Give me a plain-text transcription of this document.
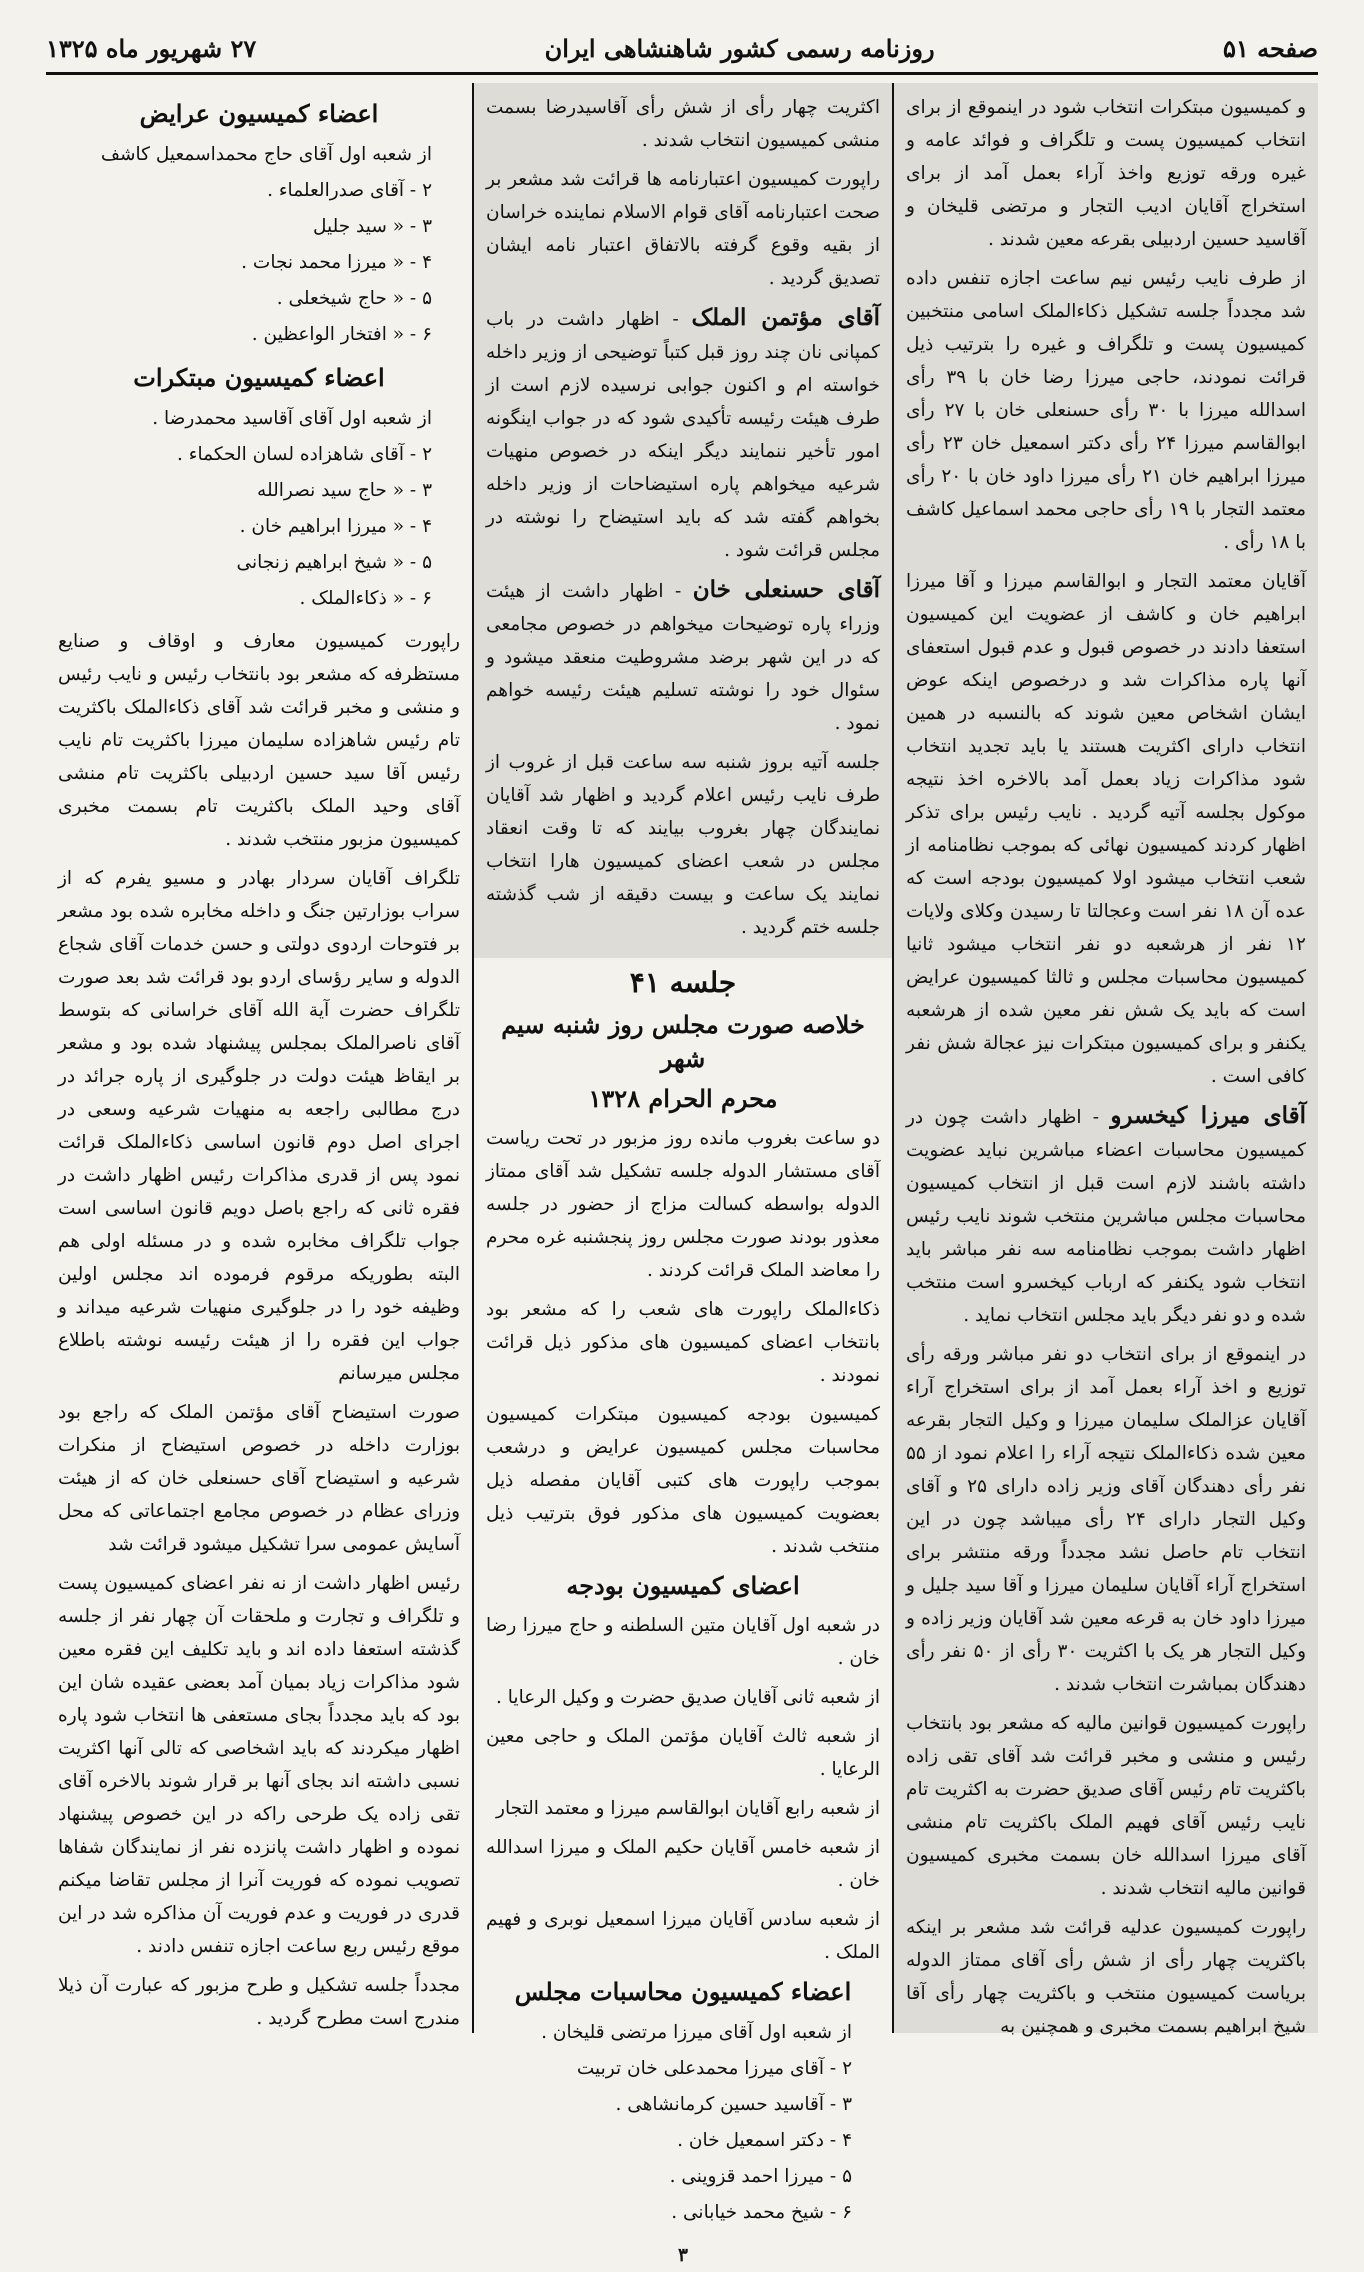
صفحه ۵۱
روزنامه رسمی کشور شاهنشاهی ایران
۲۷ شهریور ماه ۱۳۲۵

و کمیسیون مبتکرات انتخاب شود در اینموقع از برای انتخاب کمیسیون پست و تلگراف و فوائد عامه و غیره ورقه توزیع واخذ آراء بعمل آمد از برای استخراج آقایان ادیب التجار و مرتضی قلیخان و آقاسید حسین اردبیلی بقرعه معین شدند .

از طرف نایب رئیس نیم ساعت اجازه تنفس داده شد مجدداً جلسه تشکیل ذکاءالملک اسامی منتخبین کمیسیون پست و تلگراف و غیره را بترتیب ذیل قرائت نمودند، حاجی میرزا رضا خان با ۳۹ رأی اسدالله میرزا با ۳۰ رأی حسنعلی خان با ۲۷ رأی ابوالقاسم میرزا ۲۴ رأی دکتر اسمعیل خان ۲۳ رأی میرزا ابراهیم خان ۲۱ رأی میرزا داود خان با ۲۰ رأی معتمد التجار با ۱۹ رأی حاجی محمد اسماعیل کاشف با ۱۸ رأی .

آقایان معتمد التجار و ابوالقاسم میرزا و آقا میرزا ابراهیم خان و کاشف از عضویت این کمیسیون استعفا دادند در خصوص قبول و عدم قبول استعفای آنها پاره مذاکرات شد و درخصوص اینکه عوض ایشان اشخاص معین شوند که بالنسبه در همین انتخاب دارای اکثریت هستند یا باید تجدید انتخاب شود مذاکرات زیاد بعمل آمد بالاخره اخذ نتیجه موکول بجلسه آتیه گردید . نایب رئیس برای تذکر اظهار کردند کمیسیون نهائی که بموجب نظامنامه از شعب انتخاب میشود اولا کمیسیون بودجه است که عده آن ۱۸ نفر است وعجالتا تا رسیدن وکلای ولایات ۱۲ نفر از هرشعبه دو نفر انتخاب میشود ثانیا کمیسیون محاسبات مجلس و ثالثا کمیسیون عرایض است که باید یک شش نفر معین شده از هرشعبه یکنفر و برای کمیسیون مبتکرات نیز عجالة شش نفر کافی است .

آقای میرزا کیخسرو - اظهار داشت چون در کمیسیون محاسبات اعضاء مباشرین نباید عضویت داشته باشند لازم است قبل از انتخاب کمیسیون محاسبات مجلس مباشرین منتخب شوند نایب رئیس اظهار داشت بموجب نظامنامه سه نفر مباشر باید انتخاب شود یکنفر که ارباب کیخسرو است منتخب شده و دو نفر دیگر باید مجلس انتخاب نماید .

در اینموقع از برای انتخاب دو نفر مباشر ورقه رأی توزیع و اخذ آراء بعمل آمد از برای استخراج آراء آقایان عزالملک سلیمان میرزا و وکیل التجار بقرعه معین شده ذکاءالملک نتیجه آراء را اعلام نمود از ۵۵ نفر رأی دهندگان آقای وزیر زاده دارای ۲۵ و آقای وکیل التجار دارای ۲۴ رأی میباشد چون در این انتخاب تام حاصل نشد مجدداً ورقه منتشر برای استخراج آراء آقایان سلیمان میرزا و آقا سید جلیل و میرزا داود خان به قرعه معین شد آقایان وزیر زاده و وکیل التجار هر یک با اکثریت ۳۰ رأی از ۵۰ نفر رأی دهندگان بمباشرت انتخاب شدند .

راپورت کمیسیون قوانین مالیه که مشعر بود بانتخاب رئیس و منشی و مخبر قرائت شد آقای تقی زاده باکثریت تام رئیس آقای صدیق حضرت به اکثریت تام نایب رئیس آقای فهیم الملک باکثریت تام منشی آقای میرزا اسدالله خان بسمت مخبری کمیسیون قوانین مالیه انتخاب شدند .

راپورت کمیسیون عدلیه قرائت شد مشعر بر اینکه باکثریت چهار رأی از شش رأی آقای ممتاز الدوله بریاست کمیسیون منتخب و باکثریت چهار رأی آقا شیخ ابراهیم بسمت مخبری و همچنین به

اکثریت چهار رأی از شش رأی آقاسیدرضا بسمت منشی کمیسیون انتخاب شدند .

راپورت کمیسیون اعتبارنامه ها قرائت شد مشعر بر صحت اعتبارنامه آقای قوام الاسلام نماینده خراسان از بقیه وقوع گرفته بالاتفاق اعتبار نامه ایشان تصدیق گردید .

آقای مؤتمن الملک - اظهار داشت در باب کمپانی نان چند روز قبل کتباً توضیحی از وزیر داخله خواسته ام و اکنون جوابی نرسیده لازم است از طرف هیئت رئیسه تأکیدی شود که در جواب اینگونه امور تأخیر ننمایند دیگر اینکه در خصوص منهیات شرعیه میخواهم پاره استیضاحات از وزیر داخله بخواهم گفته شد که باید استیضاح را نوشته در مجلس قرائت شود .

آقای حسنعلی خان - اظهار داشت از هیئت وزراء پاره توضیحات میخواهم در خصوص مجامعی که در این شهر برضد مشروطیت منعقد میشود و سئوال خود را نوشته تسلیم هیئت رئیسه خواهم نمود .

جلسه آتیه بروز شنبه سه ساعت قبل از غروب از طرف نایب رئیس اعلام گردید و اظهار شد آقایان نمایندگان چهار بغروب بیایند که تا وقت انعقاد مجلس در شعب اعضای کمیسیون هارا انتخاب نمایند یک ساعت و بیست دقیقه از شب گذشته جلسه ختم گردید .

جلسه ۴۱
خلاصه صورت مجلس روز شنبه سیم شهر
محرم الحرام ۱۳۲۸

دو ساعت بغروب مانده روز مزبور در تحت ریاست آقای مستشار الدوله جلسه تشکیل شد آقای ممتاز الدوله بواسطه کسالت مزاج از حضور در جلسه معذور بودند صورت مجلس روز پنجشنبه غره محرم را معاضد الملک قرائت کردند .

ذکاءالملک راپورت های شعب را که مشعر بود بانتخاب اعضای کمیسیون های مذکور ذیل قرائت نمودند .

کمیسیون بودجه کمیسیون مبتکرات کمیسیون محاسبات مجلس کمیسیون عرایض و درشعب بموجب راپورت های کتبی آقایان مفصله ذیل بعضویت کمیسیون های مذکور فوق بترتیب ذیل منتخب شدند .

اعضای کمیسیون بودجه

در شعبه اول آقایان متین السلطنه و حاج میرزا رضا خان .

از شعبه ثانی آقایان صدیق حضرت و وکیل الرعایا .

از شعبه ثالث آقایان مؤتمن الملک و حاجی معین الرعایا .

از شعبه رابع آقایان ابوالقاسم میرزا و معتمد التجار

از شعبه خامس آقایان حکیم الملک و میرزا اسدالله خان .

از شعبه سادس آقایان میرزا اسمعیل نوبری و فهیم الملک .

اعضاء کمیسیون محاسبات مجلس
از شعبه اول آقای میرزا مرتضی قلیخان .
۲ - آقای میرزا محمدعلی خان تربیت
۳ - آقاسید حسین کرمانشاهی .
۴ - دکتر اسمعیل خان .
۵ - میرزا احمد قزوینی .
۶ - شیخ محمد خیابانی .
۳
اعضاء کمیسیون عرایض
از شعبه اول آقای حاج محمداسمعیل کاشف
۲ - آقای صدرالعلماء .
۳ - « سید جلیل
۴ - « میرزا محمد نجات .
۵ - « حاج شیخعلی .
۶ - « افتخار الواعظین .
اعضاء کمیسیون مبتکرات
از شعبه اول آقای آقاسید محمدرضا .
۲ - آقای شاهزاده لسان الحکماء .
۳ - « حاج سید نصرالله
۴ - « میرزا ابراهیم خان .
۵ - « شیخ ابراهیم زنجانی
۶ - « ذکاءالملک .

راپورت کمیسیون معارف و اوقاف و صنایع مستظرفه که مشعر بود بانتخاب رئیس و نایب رئیس و منشی و مخبر قرائت شد آقای ذکاءالملک باکثریت تام رئیس شاهزاده سلیمان میرزا باکثریت تام نایب رئیس آقا سید حسین اردبیلی باکثریت تام منشی آقای وحید الملک باکثریت تام بسمت مخبری کمیسیون مزبور منتخب شدند .

تلگراف آقایان سردار بهادر و مسیو یفرم که از سراب بوزارتین جنگ و داخله مخابره شده بود مشعر بر فتوحات اردوی دولتی و حسن خدمات آقای شجاع الدوله و سایر رؤسای اردو بود قرائت شد بعد صورت تلگراف حضرت آیة الله آقای خراسانی که بتوسط آقای ناصرالملک بمجلس پیشنهاد شده بود و مشعر بر ایقاظ هیئت دولت در جلوگیری از پاره جرائد در درج مطالبی راجعه به منهیات شرعیه وسعی در اجرای اصل دوم قانون اساسی ذکاءالملک قرائت نمود پس از قدری مذاکرات رئیس اظهار داشت در فقره ثانی که راجع باصل دویم قانون اساسی است جواب تلگراف مخابره شده و در مسئله اولی هم البته بطوریکه مرقوم فرموده اند مجلس اولین وظیفه خود را در جلوگیری منهیات شرعیه میداند و جواب این فقره را از هیئت رئیسه نوشته باطلاع مجلس میرسانم

صورت استیضاح آقای مؤتمن الملک که راجع بود بوزارت داخله در خصوص استیضاح از منکرات شرعیه و استیضاح آقای حسنعلی خان که از هیئت وزرای عظام در خصوص مجامع اجتماعاتی که محل آسایش عمومی سرا تشکیل میشود قرائت شد

رئیس اظهار داشت از نه نفر اعضای کمیسیون پست و تلگراف و تجارت و ملحقات آن چهار نفر از جلسه گذشته استعفا داده اند و باید تکلیف این فقره معین شود مذاکرات زیاد بمیان آمد بعضی عقیده شان این بود که باید مجدداً بجای مستعفی ها انتخاب شود پاره اظهار میکردند که باید اشخاصی که تالی آنها اکثریت نسبی داشته اند بجای آنها بر قرار شوند بالاخره آقای تقی زاده یک طرحی راکه در این خصوص پیشنهاد نموده و اظهار داشت پانزده نفر از نمایندگان شفاها تصویب نموده که فوریت آنرا از مجلس تقاضا میکنم قدری در فوریت و عدم فوریت آن مذاکره شد در این موقع رئیس ربع ساعت اجازه تنفس دادند .

مجدداً جلسه تشکیل و طرح مزبور که عبارت آن ذیلا مندرج است مطرح گردید .
